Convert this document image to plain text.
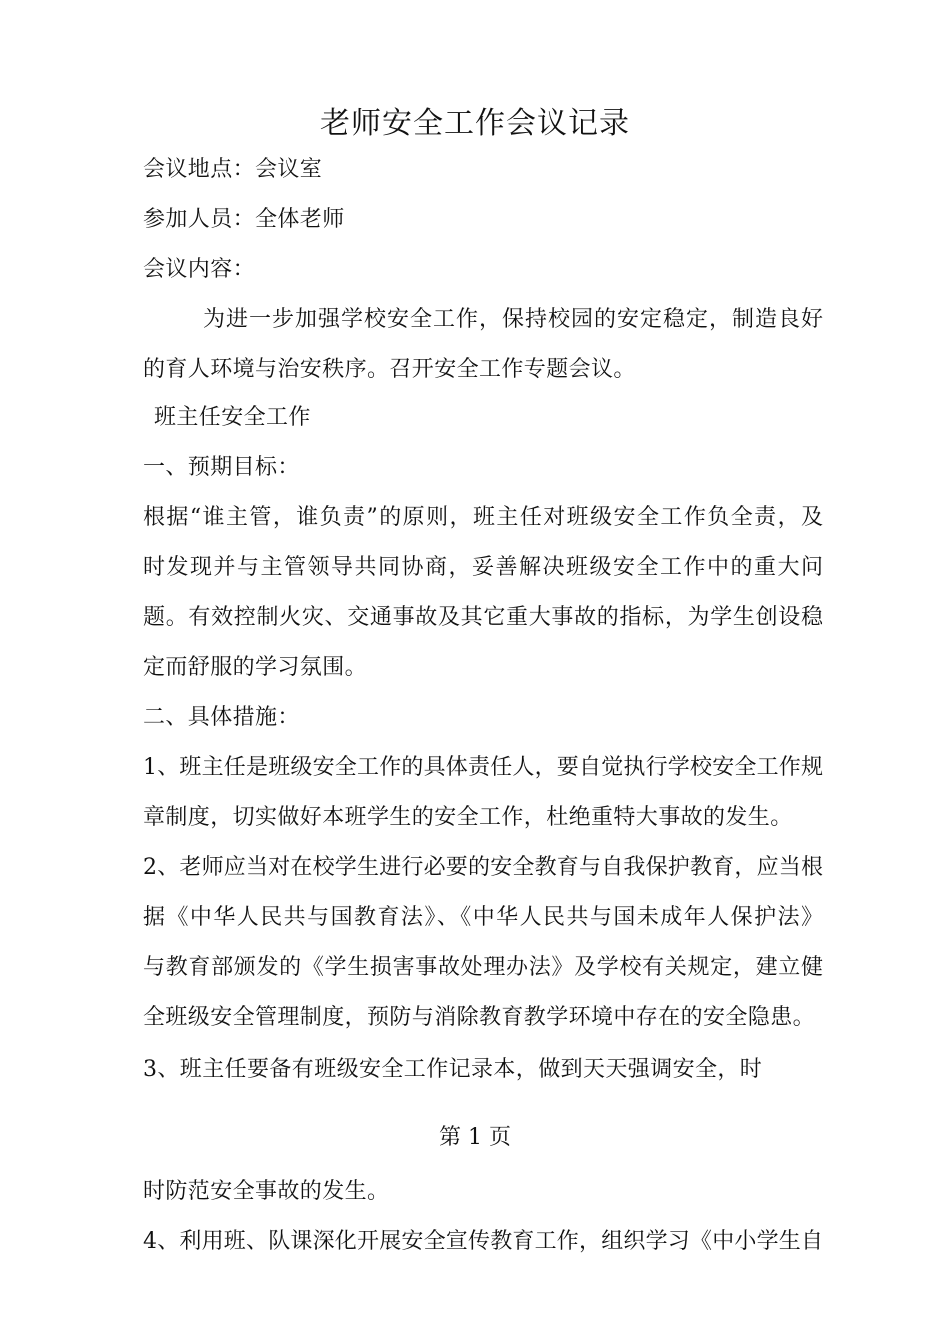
老师安全工作会议记录
会议地点：会议室
参加人员：全体老师
会议内容：
为进一步加强学校安全工作，保持校园的安定稳定，制造良好
的育人环境与治安秩序。召开安全工作专题会议。
班主任安全工作
一、预期目标：
根据“谁主管，谁负责”的原则，班主任对班级安全工作负全责，及
时发现并与主管领导共同协商，妥善解决班级安全工作中的重大问
题。有效控制火灾、交通事故及其它重大事故的指标，为学生创设稳
定而舒服的学习氛围。
二、具体措施：
1、班主任是班级安全工作的具体责任人，要自觉执行学校安全工作规
章制度，切实做好本班学生的安全工作，杜绝重特大事故的发生。
2、老师应当对在校学生进行必要的安全教育与自我保护教育，应当根
据《中华人民共与国教育法》、《中华人民共与国未成年人保护法》
与教育部颁发的《学生损害事故处理办法》及学校有关规定，建立健
全班级安全管理制度，预防与消除教育教学环境中存在的安全隐患。
3、班主任要备有班级安全工作记录本，做到天天强调安全，时
第 1 页
时防范安全事故的发生。
4、利用班、队课深化开展安全宣传教育工作，组织学习《中小学生自
